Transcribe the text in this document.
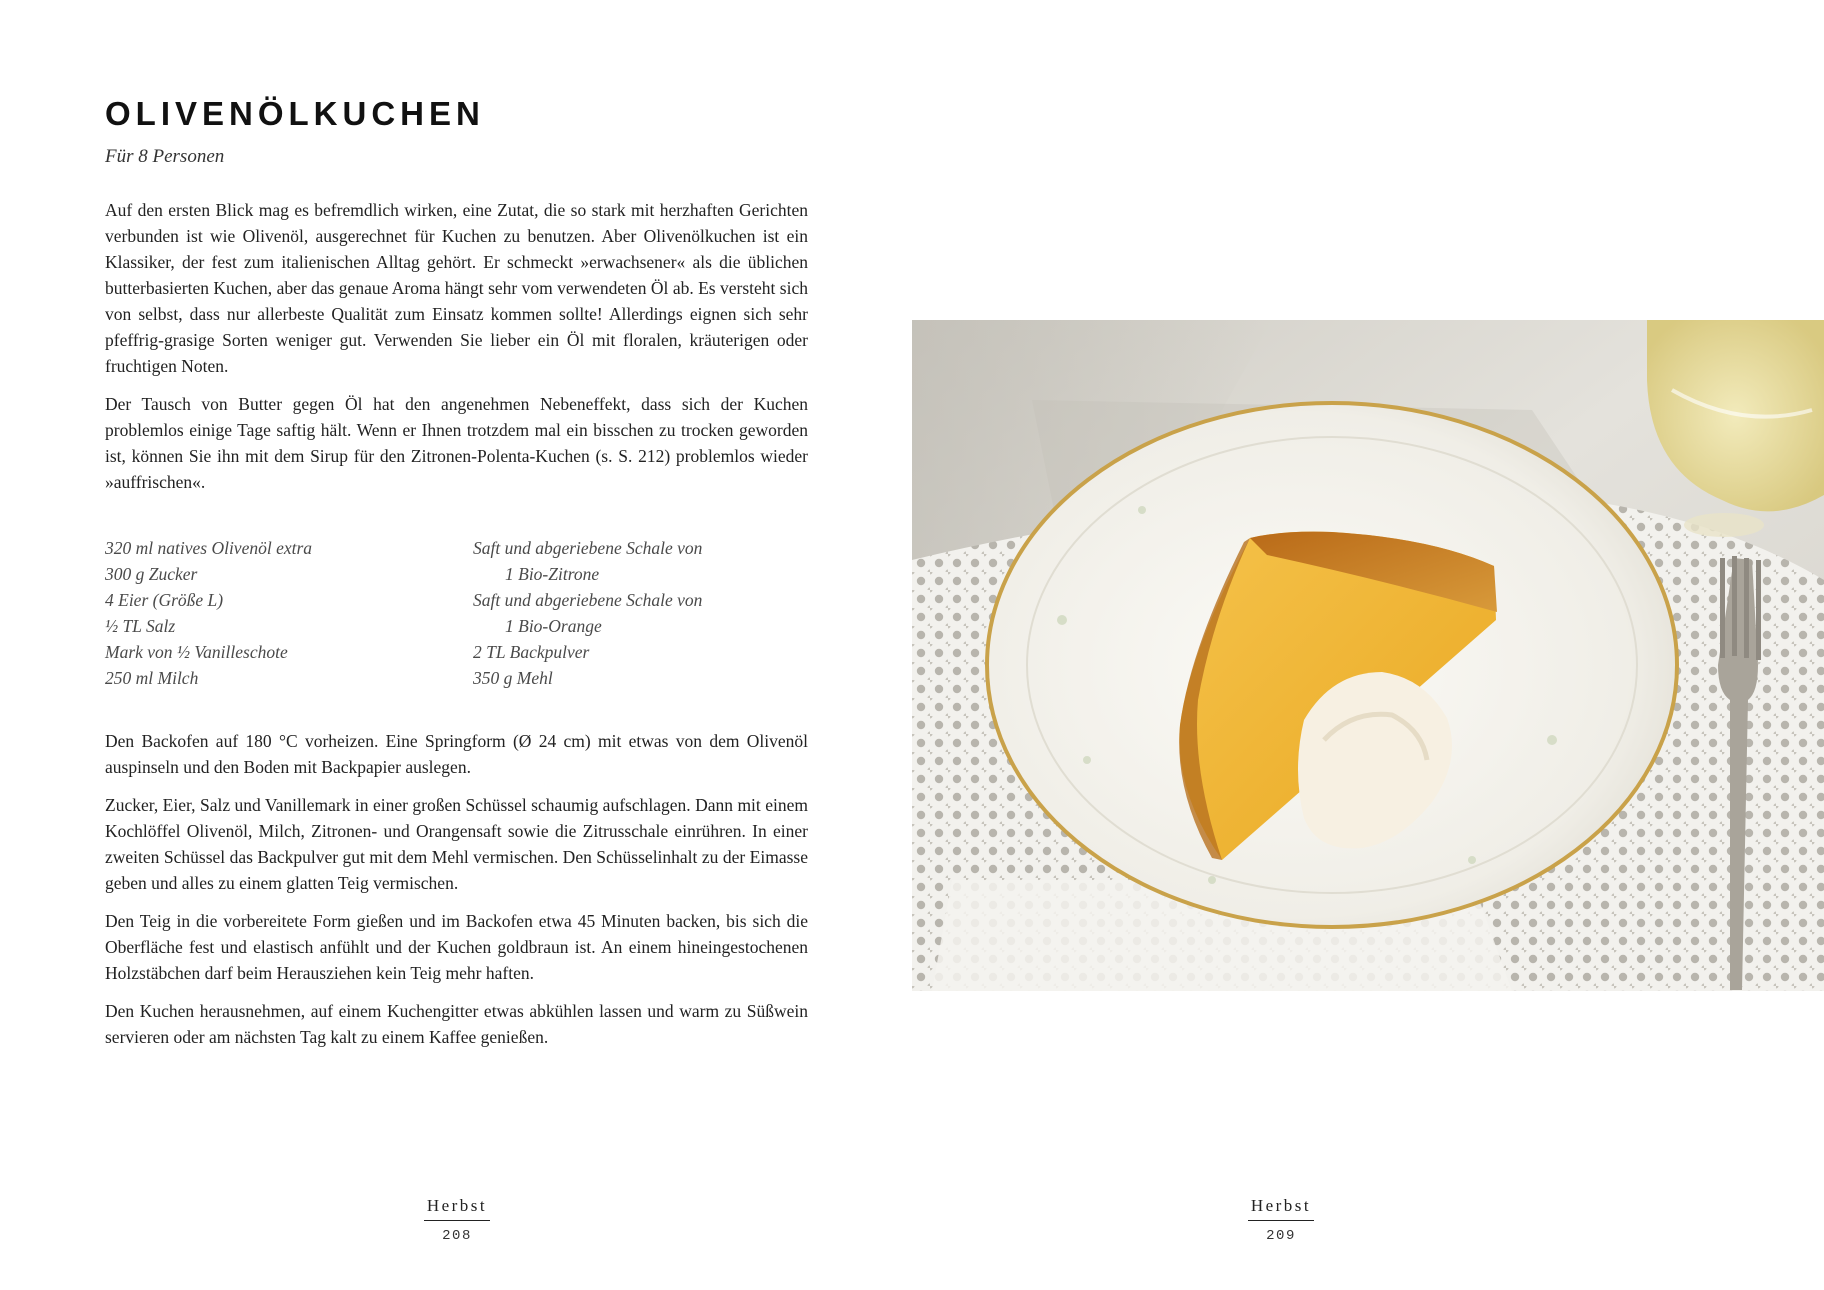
OLIVENÖLKUCHEN

Für 8 Personen

Auf den ersten Blick mag es befremdlich wirken, eine Zutat, die so stark mit herzhaften Gerichten verbunden ist wie Olivenöl, ausgerechnet für Kuchen zu benutzen. Aber Olivenölkuchen ist ein Klassiker, der fest zum italienischen Alltag gehört. Er schmeckt »erwachsener« als die üblichen butterbasierten Kuchen, aber das genaue Aroma hängt sehr vom verwendeten Öl ab. Es versteht sich von selbst, dass nur allerbeste Qualität zum Einsatz kommen sollte! Allerdings eignen sich sehr pfeffrig-grasige Sorten weniger gut. Verwenden Sie lieber ein Öl mit floralen, kräuterigen oder fruchtigen Noten.

Der Tausch von Butter gegen Öl hat den angenehmen Nebeneffekt, dass sich der Kuchen problemlos einige Tage saftig hält. Wenn er Ihnen trotzdem mal ein bisschen zu trocken geworden ist, können Sie ihn mit dem Sirup für den Zitronen-Polenta-Kuchen (s. S. 212) problemlos wieder »auffrischen«.

320 ml natives Olivenöl extra
300 g Zucker
4 Eier (Größe L)
½ TL Salz
Mark von ½ Vanilleschote
250 ml Milch
Saft und abgeriebene Schale von
1 Bio-Zitrone
Saft und abgeriebene Schale von
1 Bio-Orange
2 TL Backpulver
350 g Mehl

Den Backofen auf 180 °C vorheizen. Eine Springform (Ø 24 cm) mit etwas von dem Olivenöl auspinseln und den Boden mit Backpapier auslegen.

Zucker, Eier, Salz und Vanillemark in einer großen Schüssel schaumig aufschlagen. Dann mit einem Kochlöffel Olivenöl, Milch, Zitronen- und Orangensaft sowie die Zitrusschale einrühren. In einer zweiten Schüssel das Backpulver gut mit dem Mehl vermischen. Den Schüsselinhalt zu der Eimasse geben und alles zu einem glatten Teig vermischen.

Den Teig in die vorbereitete Form gießen und im Backofen etwa 45 Minuten backen, bis sich die Oberfläche fest und elastisch anfühlt und der Kuchen goldbraun ist. An einem hineingestochenen Holzstäbchen darf beim Herausziehen kein Teig mehr haften.

Den Kuchen herausnehmen, auf einem Kuchengitter etwas abkühlen lassen und warm zu Süßwein servieren oder am nächsten Tag kalt zu einem Kaffee genießen.

Herbst
208
Herbst
209
